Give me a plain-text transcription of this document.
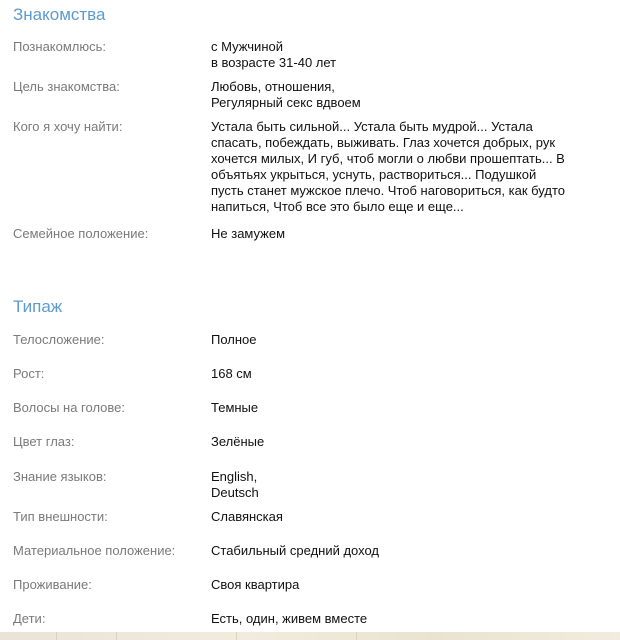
Знакомства
Познакомлюсь:	с Мужчиной
в возрасте 31-40 лет
Цель знакомства:	Любовь, отношения,
Регулярный секс вдвоем
Кого я хочу найти:	Устала быть сильной... Устала быть мудрой... Устала
спасать, побеждать, выживать. Глаз хочется добрых, рук
хочется милых, И губ, чтоб могли о любви прошептать... В
объятьях укрыться, уснуть, раствориться... Подушкой
пусть станет мужское плечо. Чтоб наговориться, как будто
напиться, Чтоб все это было еще и еще...
Семейное положение:	Не замужем
Типаж
Телосложение:	Полное
Рост:	168 см
Волосы на голове:	Темные
Цвет глаз:	Зелёные
Знание языков:	English,
Deutsch
Тип внешности:	Славянская
Материальное положение:	Стабильный средний доход
Проживание:	Своя квартира
Дети:	Есть, один, живем вместе
